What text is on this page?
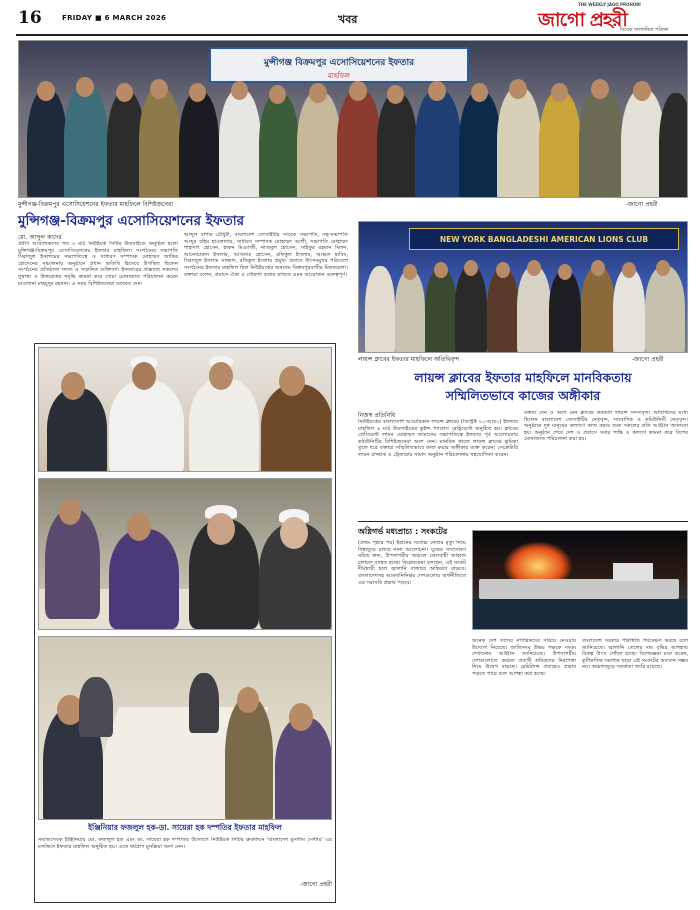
16	FRIDAY ■ 6 MARCH 2026	খবর
THE WEEKLY JAGO PROHORI
জাগো প্রহরী
বিবেক জাগানিয়া পত্রিকা
মুন্সীগঞ্জ বিক্রমপুর এসোসিয়েশনের ইফতার
মাহফিল
মুন্সীগঞ্জ-বিক্রমপুর এসোসিয়েশনের ইফতার মাহফিলে বিশিষ্টজনেরা	-জাগো প্রহরী
মুন্সিগঞ্জ-বিক্রমপুর এসোসিয়েশনের ইফতার
মো. আব্দুল কাদের
প্রবীণ আবাসিকদের গত ৩ মার্চ নিউইয়র্ক সিটির উডসাইডে অনুষ্ঠিত হলো মুন্সিগঞ্জ-বিক্রমপুর এসোসিয়েশনের ইফতার মাহফিল। সংগঠনের সভাপতি সিরাজুল ইসলামের সভাপতিত্বে ও সাধারণ সম্পাদক মোহাম্মদ জাকির হোসেনের সঞ্চালনায় অনুষ্ঠানে প্রধান অতিথি হিসেবে উপস্থিত ছিলেন সংগঠনের প্রতিষ্ঠাতা সদস্য ও সম্মানিত ব্যক্তিবর্গ। ইফতারের প্রাক্কালে সকলের সুস্বাস্থ্য ও উত্তরোত্তর সমৃদ্ধি কামনা করে দোয়া মোনাজাত পরিচালনা করেন মাওলানা মাহমুদুর রহমান। এ সময় বিশিষ্টজনেরা মতামত দেন।
আব্দুল বাশার চৌধুরী, বাংলাদেশ সোসাইটির সাবেক সভাপতি, সহ-সভাপতি আব্দুর রহিম হাওলাদার, সাধারণ সম্পাদক মোহাম্মদ আলী, সভাপতি মোহাম্মদ শাহাদাৎ হোসেন, হারুন মিঞাজী, নাজমুল হোসেন, সাইফুর রহমান মিলন, আনোয়ারুল ইসলাম, আখতার হোসেন, রফিকুল ইসলাম, আহমদ হাবিব, সিরাজুল ইসলাম সাজ্জাদ, রফিকুল ইসলাম প্রমুখ। প্রবাসে উৎসবমুখর পরিবেশে সংগঠনের ইফতার মাহফিল ছিল নিউইয়র্কের অন্যতম বিক্রমপুরবাসীর মিলনমেলা। বক্তারা বলেন, প্রবাসে ঐক্য ও সৌহার্দ্য বজায় রাখতে এমন আয়োজন গুরুত্বপূর্ণ।
ইঞ্জিনিয়ার ফজলুল হক-ডা. সায়েরা হক দম্পতির ইফতার মাহফিল
সমাজসেবক ইঞ্জিনিয়ার মো. ফজলুল হক এবং ডা. সায়েরা হক দম্পতির উদ্যোগে নিউইয়র্ক সিটির ব্রুকলিনে 'বাংলাদেশ মুসলিম সেন্টার' এর মসজিদে ইফতার মাহফিল অনুষ্ঠিত হয়। এতে ধর্মপ্রাণ মুসল্লিরা অংশ নেন।
-জাগো প্রহরী
NEW YORK BANGLADESHI AMERICAN LIONS CLUB
লায়ন্স ক্লাবের ইফতার মাহফিলে অতিথিবৃন্দ	-জাগো প্রহরী
লায়ন্স ক্লাবের ইফতার মাহফিলে মানবিকতায়
সম্মিলিতভাবে কাজের অঙ্গীকার
নিজস্ব প্রতিনিধি
নিউইয়র্কের বাংলাদেশি আমেরিকান লায়ন্স ক্লাবের (ডিস্ট্রিক্ট ২০-আর২) ইফতার মাহফিল ৪ মার্চ উডসাইডের কুইন্স প্যালেস রেস্টুরেন্টে অনুষ্ঠিত হয়। ক্লাবের প্রেসিডেন্ট লায়ন মোহাম্মদ জামানের সভাপতিত্বে ইফতার পূর্ব আলোচনায় কমিউনিটির বিশিষ্টজনেরা অংশ নেন। মানবিক কাজে লায়ন্স ক্লাবের ভূমিকা তুলে ধরে বক্তারা সম্মিলিতভাবে কাজ করার অঙ্গীকার ব্যক্ত করেন। সেক্রেটারি লায়ন রাজ্জাক ও ট্রেজারার সামাদ অনুষ্ঠান পরিচালনায় সহযোগিতা করেন।
বক্তব্য দেন ও অংশ নেন ক্লাবের কর্মকর্তা লায়ন্স সদস্যবৃন্দ। অতিথিদের মধ্যে ছিলেন বাংলাদেশ সোসাইটির নেতৃবৃন্দ, সাংবাদিক ও কমিউনিটি নেতৃবৃন্দ। অনুষ্ঠানে দুস্থ মানুষের কল্যাণে কাজ করার জন্য সকলের প্রতি আহ্বান জানানো হয়। অনুষ্ঠান শেষে দেশ ও প্রবাসে সবার শান্তি ও কল্যাণ কামনা করে বিশেষ মোনাজাত পরিচালনা করা হয়।
অগ্নিগর্ভ মধ্যপ্রাচ্য : সংকটের
(প্রথম পৃষ্ঠার পর) ইরানের সর্বোচ্চ নেতার মৃত্যু নিয়ে বিশ্বজুড়ে চলছে নানা আলোচনা। যুদ্ধের সম্প্রসারণ ঘটছে দ্রুত, উপসাগরীয় অঞ্চলে তেলবাহী জাহাজ চলাচল ব্যাহত হচ্ছে। বিশ্লেষকেরা বলছেন, এই সংকট দীর্ঘস্থায়ী হলে জ্বালানি বাজারে অস্থিরতা বাড়বে। বাংলাদেশসহ আমদানিনির্ভর দেশগুলোর অর্থনীতিতে এর সরাসরি প্রভাব পড়বে।
অনেক দেশ তাদের নাগরিকদের সরিয়ে নেওয়ার উদ্যোগ নিয়েছে। জাতিসংঘ উভয় পক্ষকে সংযম দেখানোর আহ্বান জানিয়েছে। উপসাগরীয় দেশগুলোতে কর্মরত প্রবাসী শ্রমিকদের নিরাপত্তা নিয়ে উদ্বেগ বাড়ছে। রেমিট্যান্স প্রবাহেও প্রভাব পড়তে পারে বলে আশঙ্কা করা হচ্ছে।
বাংলাদেশ সরকার পরিস্থিতি পর্যবেক্ষণ করছে বলে জানিয়েছে। জ্বালানি তেলের দাম বৃদ্ধির আশঙ্কায় বিকল্প উৎস খোঁজা হচ্ছে। বিশেষজ্ঞরা মনে করেন, কূটনৈতিক সমাধান ছাড়া এই সংকটের অবসান সম্ভব নয়। অঞ্চলজুড়ে সতর্কতা জারি রয়েছে।
